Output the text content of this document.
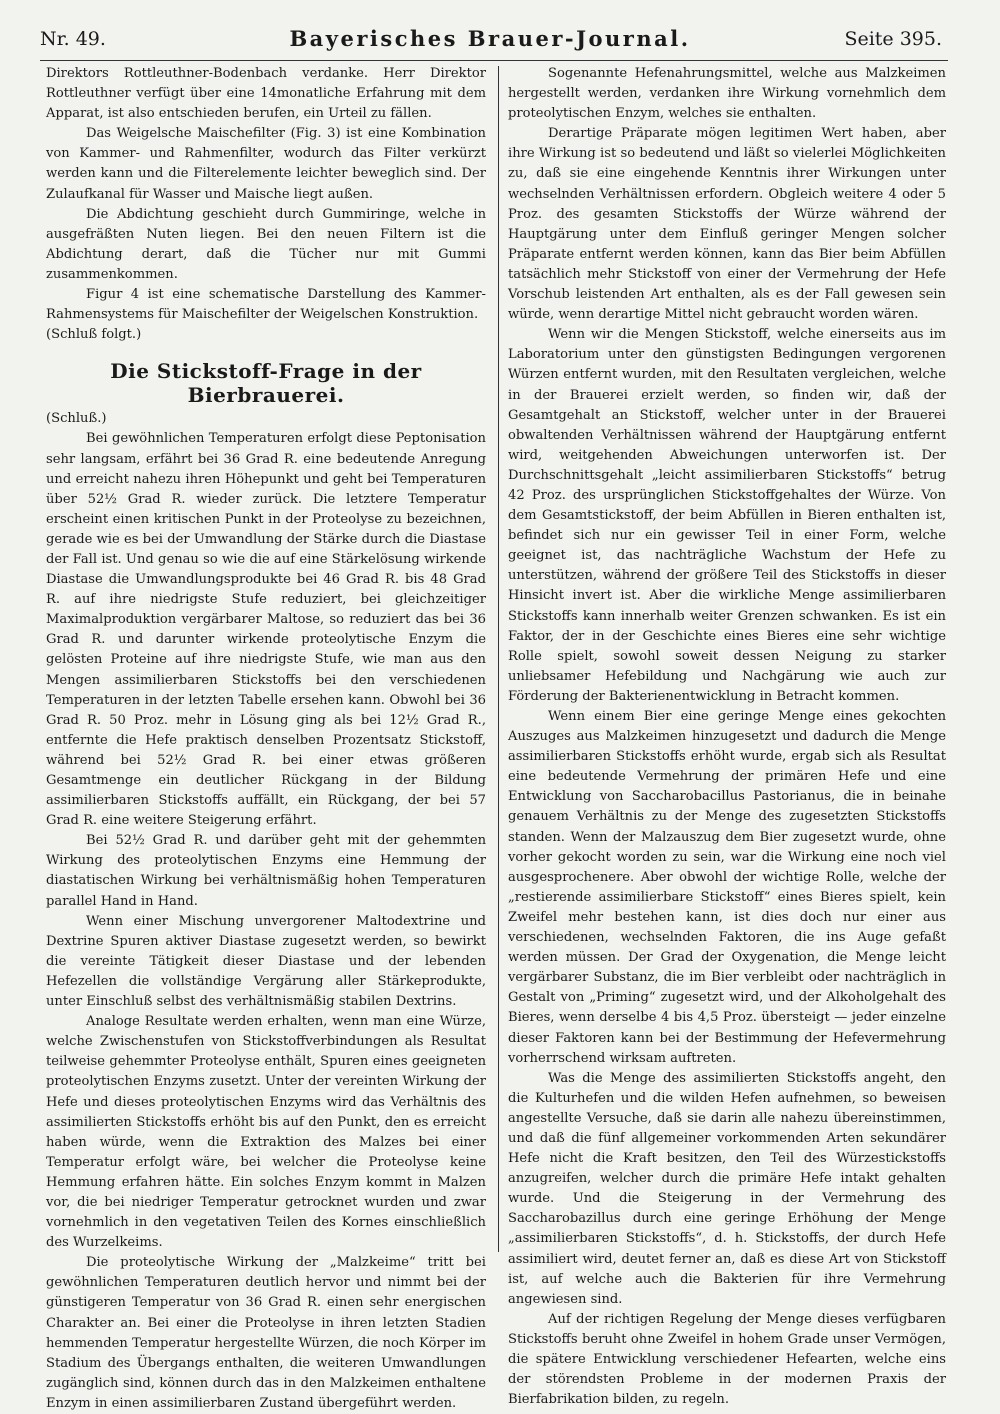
Nr. 49.	Bayerisches Brauer-Journal.	Seite 395.

Direktors Rottleuthner-Bodenbach verdanke. Herr Direktor Rottleuthner verfügt über eine 14monatliche Erfahrung mit dem Apparat, ist also entschieden berufen, ein Urteil zu fällen.

Das Weigelsche Maischefilter (Fig. 3) ist eine Kombination von Kammer- und Rahmenfilter, wodurch das Filter verkürzt werden kann und die Filterelemente leichter beweglich sind. Der Zulaufkanal für Wasser und Maische liegt außen.

Die Abdichtung geschieht durch Gummiringe, welche in ausgefräßten Nuten liegen. Bei den neuen Filtern ist die Abdichtung derart, daß die Tücher nur mit Gummi zusammenkommen.

Figur 4 ist eine schematische Darstellung des Kammer-Rahmensystems für Maischefilter der Weigelschen Konstruktion.

(Schluß folgt.)

Die Stickstoff-Frage in der Bierbrauerei.

(Schluß.)

Bei gewöhnlichen Temperaturen erfolgt diese Peptonisation sehr langsam, erfährt bei 36 Grad R. eine bedeutende Anregung und erreicht nahezu ihren Höhepunkt und geht bei Temperaturen über 52½ Grad R. wieder zurück. Die letztere Temperatur erscheint einen kritischen Punkt in der Proteolyse zu bezeichnen, gerade wie es bei der Umwandlung der Stärke durch die Diastase der Fall ist. Und genau so wie die auf eine Stärkelösung wirkende Diastase die Umwandlungsprodukte bei 46 Grad R. bis 48 Grad R. auf ihre niedrigste Stufe reduziert, bei gleichzeitiger Maximalproduktion vergärbarer Maltose, so reduziert das bei 36 Grad R. und darunter wirkende proteolytische Enzym die gelösten Proteine auf ihre niedrigste Stufe, wie man aus den Mengen assimilierbaren Stickstoffs bei den verschiedenen Temperaturen in der letzten Tabelle ersehen kann. Obwohl bei 36 Grad R. 50 Proz. mehr in Lösung ging als bei 12½ Grad R., entfernte die Hefe praktisch denselben Prozentsatz Stickstoff, während bei 52½ Grad R. bei einer etwas größeren Gesamtmenge ein deutlicher Rückgang in der Bildung assimilierbaren Stickstoffs auffällt, ein Rückgang, der bei 57 Grad R. eine weitere Steigerung erfährt.

Bei 52½ Grad R. und darüber geht mit der gehemmten Wirkung des proteolytischen Enzyms eine Hemmung der diastatischen Wirkung bei verhältnismäßig hohen Temperaturen parallel Hand in Hand.

Wenn einer Mischung unvergorener Maltodextrine und Dextrine Spuren aktiver Diastase zugesetzt werden, so bewirkt die vereinte Tätigkeit dieser Diastase und der lebenden Hefezellen die vollständige Vergärung aller Stärkeprodukte, unter Einschluß selbst des verhältnismäßig stabilen Dextrins.

Analoge Resultate werden erhalten, wenn man eine Würze, welche Zwischenstufen von Stickstoffverbindungen als Resultat teilweise gehemmter Proteolyse enthält, Spuren eines geeigneten proteolytischen Enzyms zusetzt. Unter der vereinten Wirkung der Hefe und dieses proteolytischen Enzyms wird das Verhältnis des assimilierten Stickstoffs erhöht bis auf den Punkt, den es erreicht haben würde, wenn die Extraktion des Malzes bei einer Temperatur erfolgt wäre, bei welcher die Proteolyse keine Hemmung erfahren hätte. Ein solches Enzym kommt in Malzen vor, die bei niedriger Temperatur getrocknet wurden und zwar vornehmlich in den vegetativen Teilen des Kornes einschließlich des Wurzelkeims.

Die proteolytische Wirkung der „Malzkeime“ tritt bei gewöhnlichen Temperaturen deutlich hervor und nimmt bei der günstigeren Temperatur von 36 Grad R. einen sehr energischen Charakter an. Bei einer die Proteolyse in ihren letzten Stadien hemmenden Temperatur hergestellte Würzen, die noch Körper im Stadium des Übergangs enthalten, die weiteren Umwandlungen zugänglich sind, können durch das in den Malzkeimen enthaltene Enzym in einen assimilierbaren Zustand übergeführt werden.

Sogenannte Hefenahrungsmittel, welche aus Malzkeimen hergestellt werden, verdanken ihre Wirkung vornehmlich dem proteolytischen Enzym, welches sie enthalten.

Derartige Präparate mögen legitimen Wert haben, aber ihre Wirkung ist so bedeutend und läßt so vielerlei Möglichkeiten zu, daß sie eine eingehende Kenntnis ihrer Wirkungen unter wechselnden Verhältnissen erfordern. Obgleich weitere 4 oder 5 Proz. des gesamten Stickstoffs der Würze während der Hauptgärung unter dem Einfluß geringer Mengen solcher Präparate entfernt werden können, kann das Bier beim Abfüllen tatsächlich mehr Stickstoff von einer der Vermehrung der Hefe Vorschub leistenden Art enthalten, als es der Fall gewesen sein würde, wenn derartige Mittel nicht gebraucht worden wären.

Wenn wir die Mengen Stickstoff, welche einerseits aus im Laboratorium unter den günstigsten Bedingungen vergorenen Würzen entfernt wurden, mit den Resultaten vergleichen, welche in der Brauerei erzielt werden, so finden wir, daß der Gesamtgehalt an Stickstoff, welcher unter in der Brauerei obwaltenden Verhältnissen während der Hauptgärung entfernt wird, weitgehenden Abweichungen unterworfen ist. Der Durchschnittsgehalt „leicht assimilierbaren Stickstoffs“ betrug 42 Proz. des ursprünglichen Stickstoffgehaltes der Würze. Von dem Gesamtstickstoff, der beim Abfüllen in Bieren enthalten ist, befindet sich nur ein gewisser Teil in einer Form, welche geeignet ist, das nachträgliche Wachstum der Hefe zu unterstützen, während der größere Teil des Stickstoffs in dieser Hinsicht invert ist. Aber die wirkliche Menge assimilierbaren Stickstoffs kann innerhalb weiter Grenzen schwanken. Es ist ein Faktor, der in der Geschichte eines Bieres eine sehr wichtige Rolle spielt, sowohl soweit dessen Neigung zu starker unliebsamer Hefebildung und Nachgärung wie auch zur Förderung der Bakterienentwicklung in Betracht kommen.

Wenn einem Bier eine geringe Menge eines gekochten Auszuges aus Malzkeimen hinzugesetzt und dadurch die Menge assimilierbaren Stickstoffs erhöht wurde, ergab sich als Resultat eine bedeutende Vermehrung der primären Hefe und eine Entwicklung von Saccharobacillus Pastorianus, die in beinahe genauem Verhältnis zu der Menge des zugesetzten Stickstoffs standen. Wenn der Malzauszug dem Bier zugesetzt wurde, ohne vorher gekocht worden zu sein, war die Wirkung eine noch viel ausgesprochenere. Aber obwohl der wichtige Rolle, welche der „restierende assimilierbare Stickstoff“ eines Bieres spielt, kein Zweifel mehr bestehen kann, ist dies doch nur einer aus verschiedenen, wechselnden Faktoren, die ins Auge gefaßt werden müssen. Der Grad der Oxygenation, die Menge leicht vergärbarer Substanz, die im Bier verbleibt oder nachträglich in Gestalt von „Priming“ zugesetzt wird, und der Alkoholgehalt des Bieres, wenn derselbe 4 bis 4,5 Proz. übersteigt — jeder einzelne dieser Faktoren kann bei der Bestimmung der Hefevermehrung vorherrschend wirksam auftreten.

Was die Menge des assimilierten Stickstoffs angeht, den die Kulturhefen und die wilden Hefen aufnehmen, so beweisen angestellte Versuche, daß sie darin alle nahezu übereinstimmen, und daß die fünf allgemeiner vorkommenden Arten sekundärer Hefe nicht die Kraft besitzen, den Teil des Würzestickstoffs anzugreifen, welcher durch die primäre Hefe intakt gehalten wurde. Und die Steigerung in der Vermehrung des Saccharobazillus durch eine geringe Erhöhung der Menge „assimilierbaren Stickstoffs“, d. h. Stickstoffs, der durch Hefe assimiliert wird, deutet ferner an, daß es diese Art von Stickstoff ist, auf welche auch die Bakterien für ihre Vermehrung angewiesen sind.

Auf der richtigen Regelung der Menge dieses verfügbaren Stickstoffs beruht ohne Zweifel in hohem Grade unser Vermögen, die spätere Entwicklung verschiedener Hefearten, welche eins der störendsten Probleme in der modernen Praxis der Bierfabrikation bilden, zu regeln.
